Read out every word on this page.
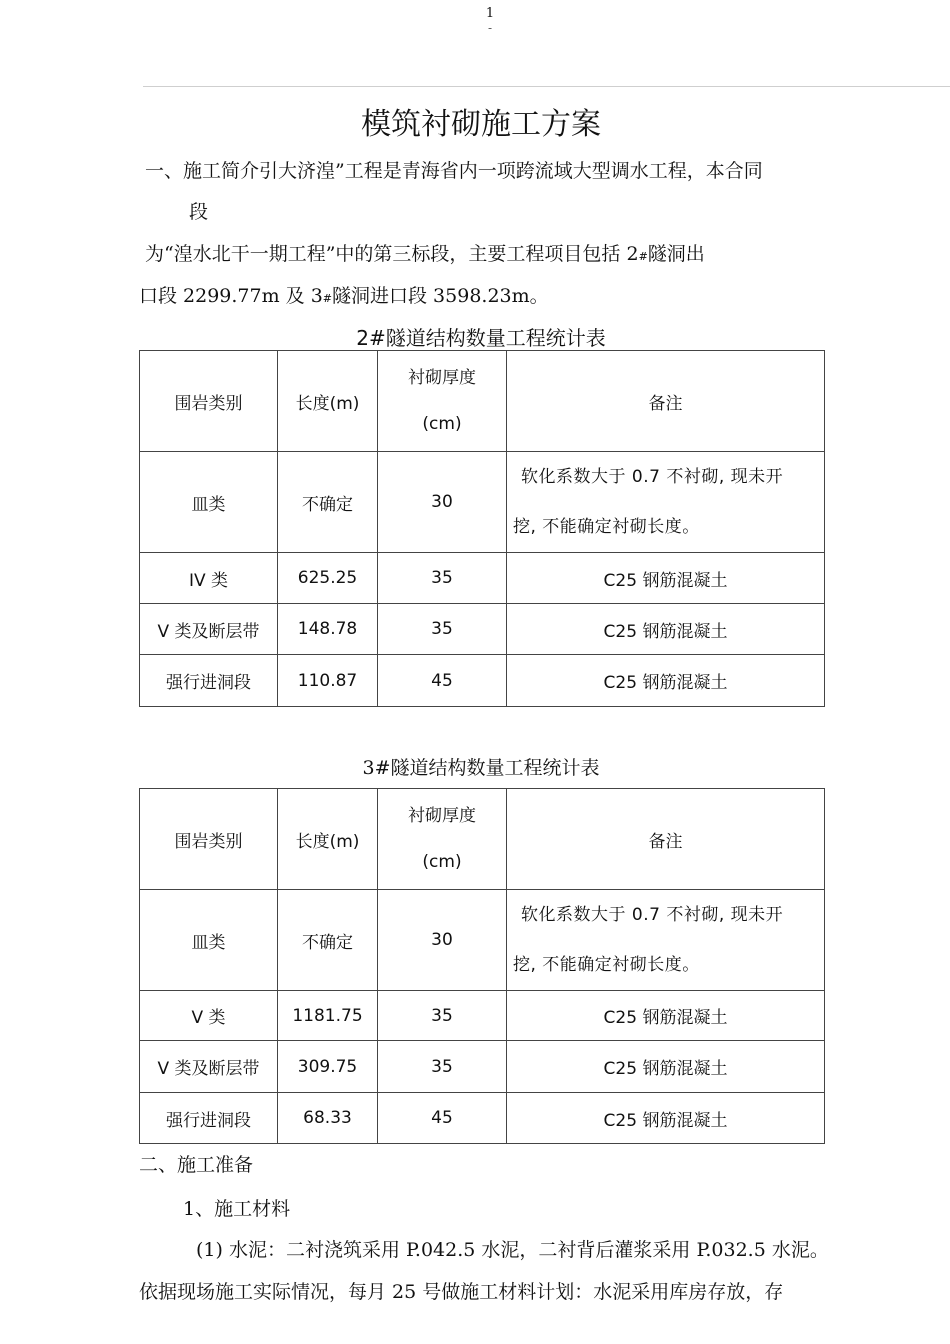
1
-
模筑衬砌施工方案
一、施工简介引大济湟”工程是青海省内一项跨流域大型调水工程，本合同
段
为“湟水北干一期工程”中的第三标段，主要工程项目包括 2#隧洞出
口段 2299.77m 及 3#隧洞进口段 3598.23m。
2#隧道结构数量工程统计表
围岩类别	长度(m)	衬砌厚度
(cm)	备注
皿类	不确定	30	软化系数大于 0.7 不衬砌, 现未开
挖, 不能确定衬砌长度。

IV 类	625.25	35	C25 钢筋混凝土
V 类及断层带	148.78	35	C25 钢筋混凝土
强行进洞段	110.87	45	C25 钢筋混凝土
3#隧道结构数量工程统计表
围岩类别	长度(m)	衬砌厚度
(cm)	备注
皿类	不确定	30	软化系数大于 0.7 不衬砌, 现未开
挖, 不能确定衬砌长度。

V 类	1181.75	35	C25 钢筋混凝土
V 类及断层带	309.75	35	C25 钢筋混凝土
强行进洞段	68.33	45	C25 钢筋混凝土
二、施工准备
1、施工材料
(1) 水泥：二衬浇筑采用 P.042.5 水泥，二衬背后灌浆采用 P.032.5 水泥。
依据现场施工实际情况，每月 25 号做施工材料计划：水泥采用库房存放，存
